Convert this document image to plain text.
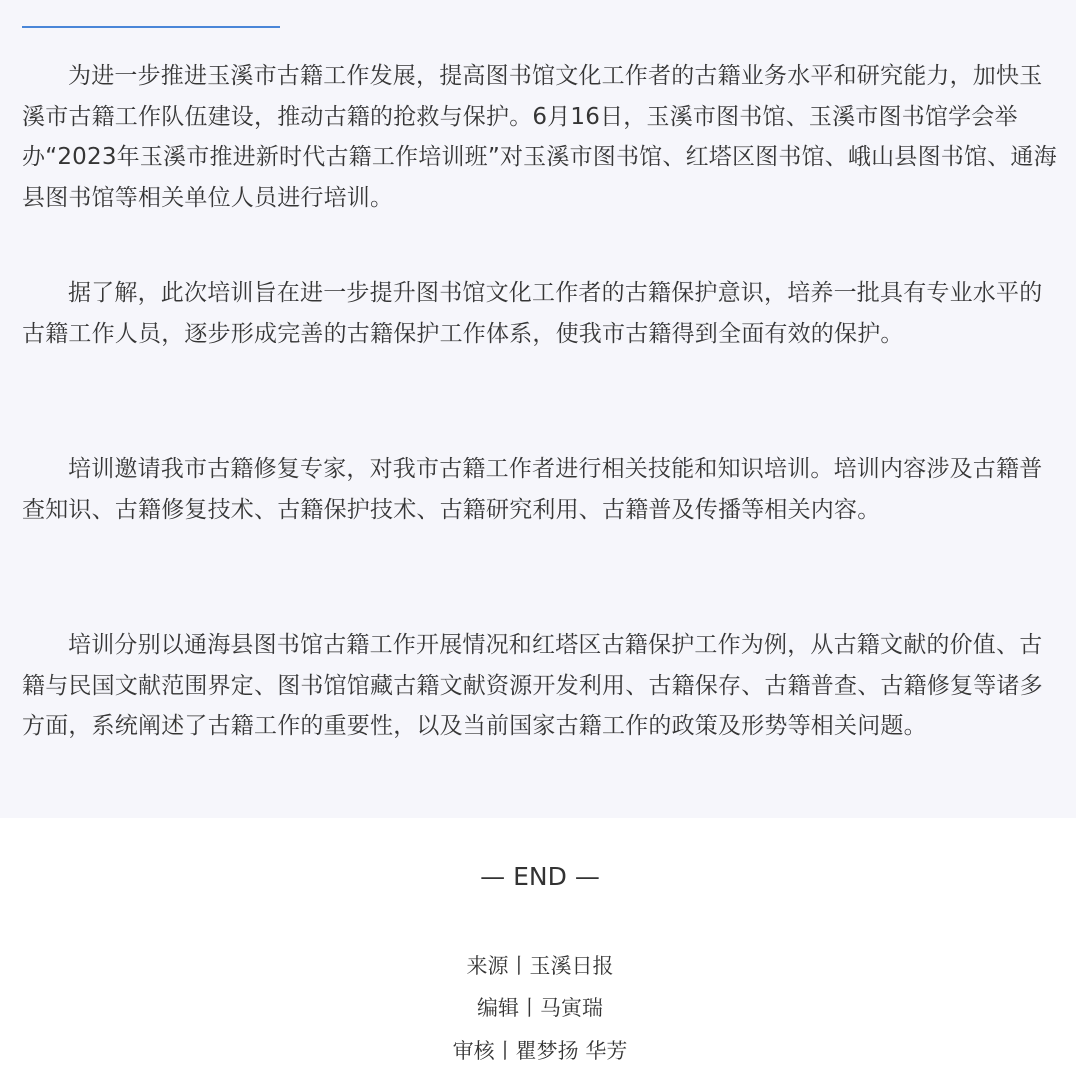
为进一步推进玉溪市古籍工作发展，提高图书馆文化工作者的古籍业务水平和研究能力，加快玉溪市古籍工作队伍建设，推动古籍的抢救与保护。6月16日，玉溪市图书馆、玉溪市图书馆学会举办“2023年玉溪市推进新时代古籍工作培训班”对玉溪市图书馆、红塔区图书馆、峨山县图书馆、通海县图书馆等相关单位人员进行培训。

据了解，此次培训旨在进一步提升图书馆文化工作者的古籍保护意识，培养一批具有专业水平的古籍工作人员，逐步形成完善的古籍保护工作体系，使我市古籍得到全面有效的保护。

培训邀请我市古籍修复专家，对我市古籍工作者进行相关技能和知识培训。培训内容涉及古籍普查知识、古籍修复技术、古籍保护技术、古籍研究利用、古籍普及传播等相关内容。

培训分别以通海县图书馆古籍工作开展情况和红塔区古籍保护工作为例，从古籍文献的价值、古籍与民国文献范围界定、图书馆馆藏古籍文献资源开发利用、古籍保存、古籍普查、古籍修复等诸多方面，系统阐述了古籍工作的重要性，以及当前国家古籍工作的政策及形势等相关问题。

— END —
来源丨玉溪日报
编辑丨马寅瑞
审核丨瞿梦扬 华芳
